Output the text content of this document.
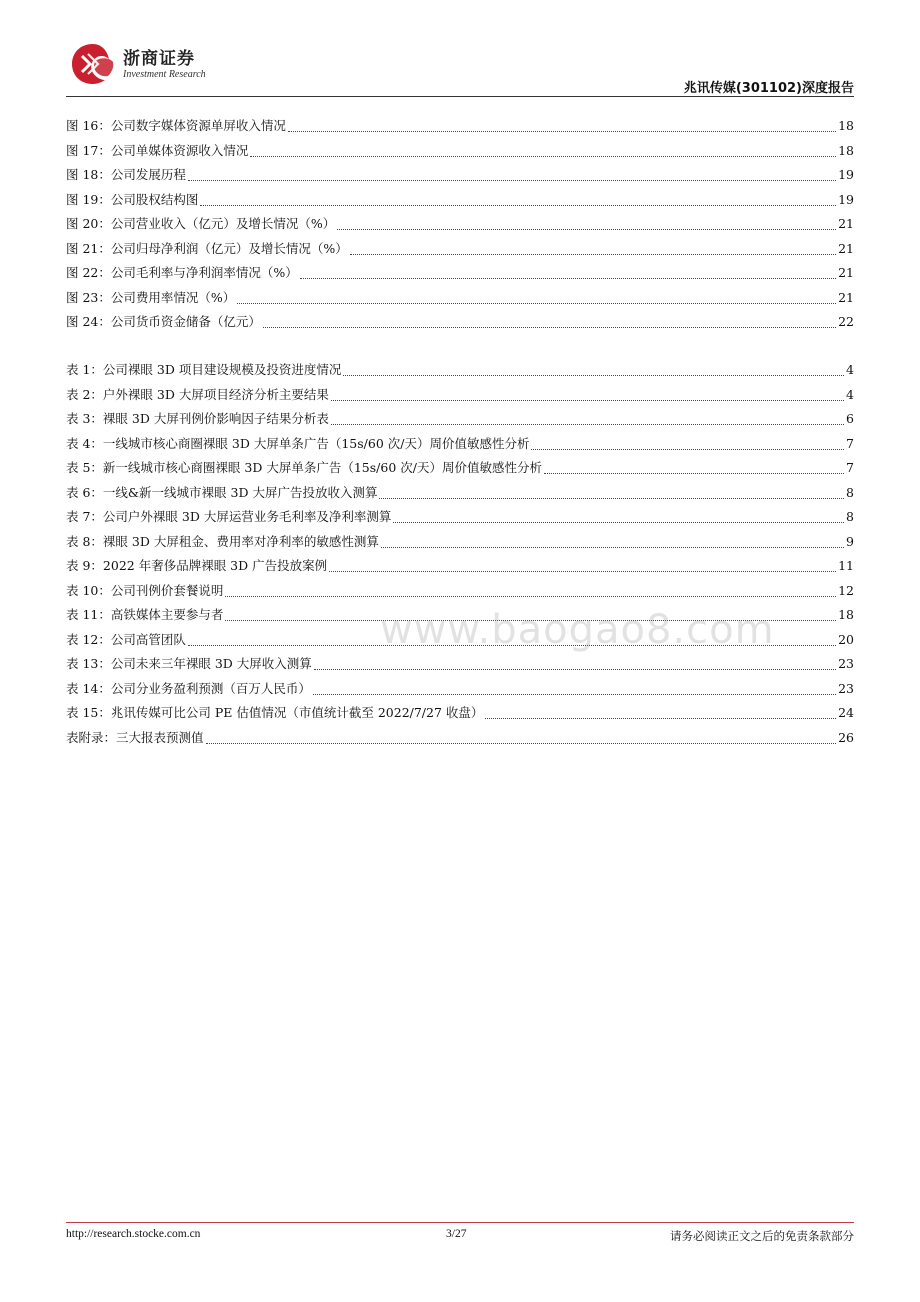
浙商证券
Investment Research
兆讯传媒(301102)深度报告
图 16：公司数字媒体资源单屏收入情况	18
图 17：公司单媒体资源收入情况	18
图 18：公司发展历程	19
图 19：公司股权结构图	19
图 20：公司营业收入（亿元）及增长情况（%）	21
图 21：公司归母净利润（亿元）及增长情况（%）	21
图 22：公司毛利率与净利润率情况（%）	21
图 23：公司费用率情况（%）	21
图 24：公司货币资金储备（亿元）	22
表 1：公司裸眼 3D 项目建设规模及投资进度情况	4
表 2：户外裸眼 3D 大屏项目经济分析主要结果	4
表 3：裸眼 3D 大屏刊例价影响因子结果分析表	6
表 4：一线城市核心商圈裸眼 3D 大屏单条广告（15s/60 次/天）周价值敏感性分析	7
表 5：新一线城市核心商圈裸眼 3D 大屏单条广告（15s/60 次/天）周价值敏感性分析	7
表 6：一线&新一线城市裸眼 3D 大屏广告投放收入测算	8
表 7：公司户外裸眼 3D 大屏运营业务毛利率及净利率测算	8
表 8：裸眼 3D 大屏租金、费用率对净利率的敏感性测算	9
表 9：2022 年奢侈品牌裸眼 3D 广告投放案例	11
表 10：公司刊例价套餐说明	12
表 11：高铁媒体主要参与者	18
表 12：公司高管团队	20
表 13：公司未来三年裸眼 3D 大屏收入测算	23
表 14：公司分业务盈利预测（百万人民币）	23
表 15：兆讯传媒可比公司 PE 估值情况（市值统计截至 2022/7/27 收盘）	24
表附录：三大报表预测值	26
www.baogao8.com
http://research.stocke.com.cn	3/27	请务必阅读正文之后的免责条款部分
